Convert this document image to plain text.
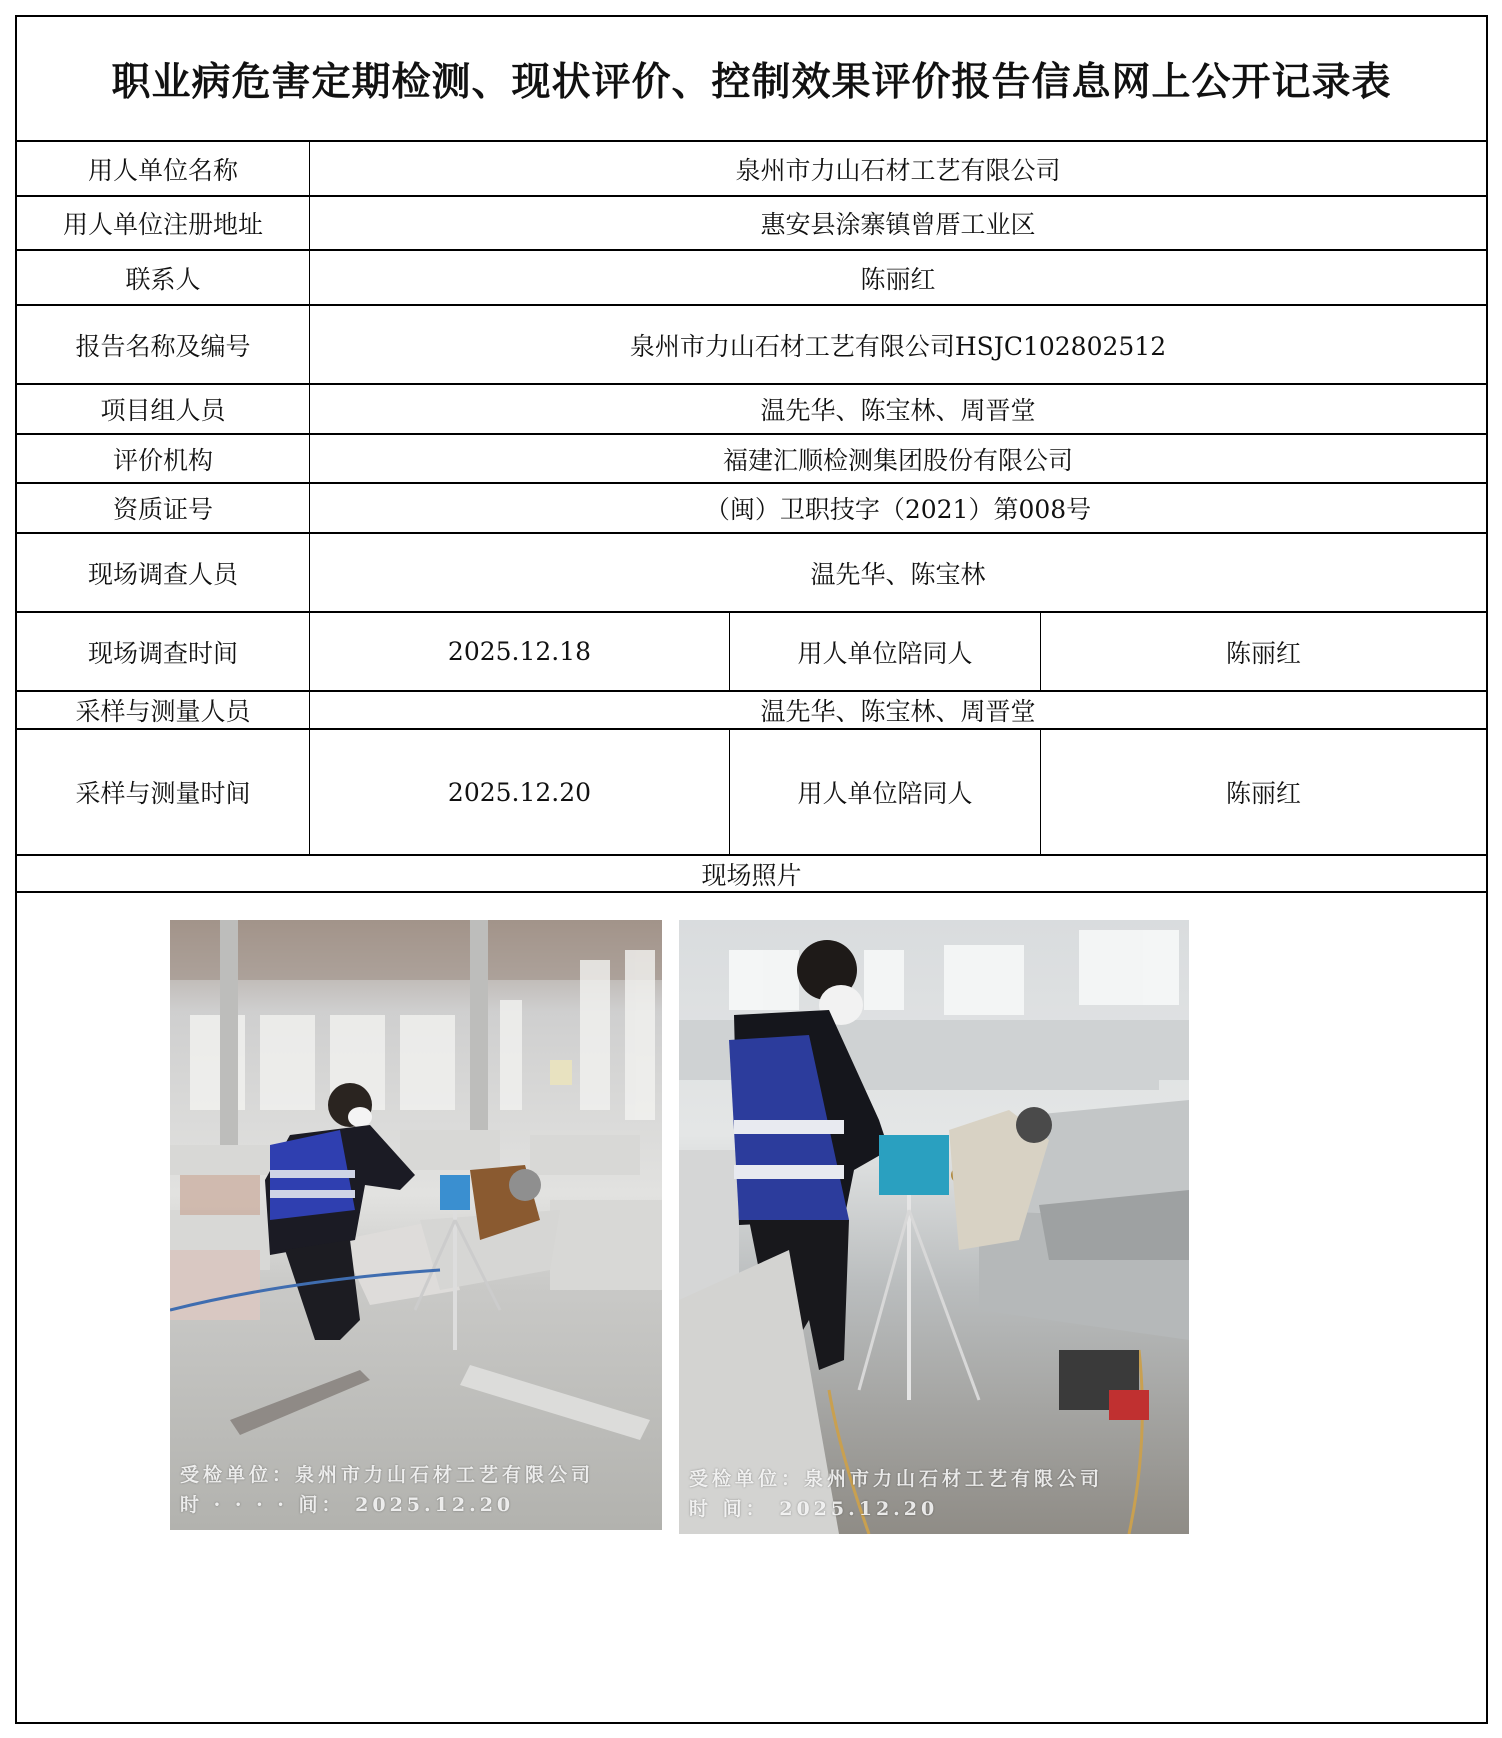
职业病危害定期检测、现状评价、控制效果评价报告信息网上公开记录表
用人单位名称	泉州市力山石材工艺有限公司
用人单位注册地址	惠安县涂寨镇曾厝工业区
联系人	陈丽红
报告名称及编号	泉州市力山石材工艺有限公司HSJC102802512
项目组人员	温先华、陈宝林、周晋堂
评价机构	福建汇顺检测集团股份有限公司
资质证号	（闽）卫职技字（2021）第008号
现场调查人员	温先华、陈宝林
现场调查时间	2025.12.18	用人单位陪同人	陈丽红
采样与测量人员	温先华、陈宝林、周晋堂
采样与测量时间	2025.12.20	用人单位陪同人	陈丽红
现场照片
受检单位：泉州市力山石材工艺有限公司
时 · · · · 间： 2025.12.20
受检单位：泉州市力山石材工艺有限公司
时 间： 2025.12.20
